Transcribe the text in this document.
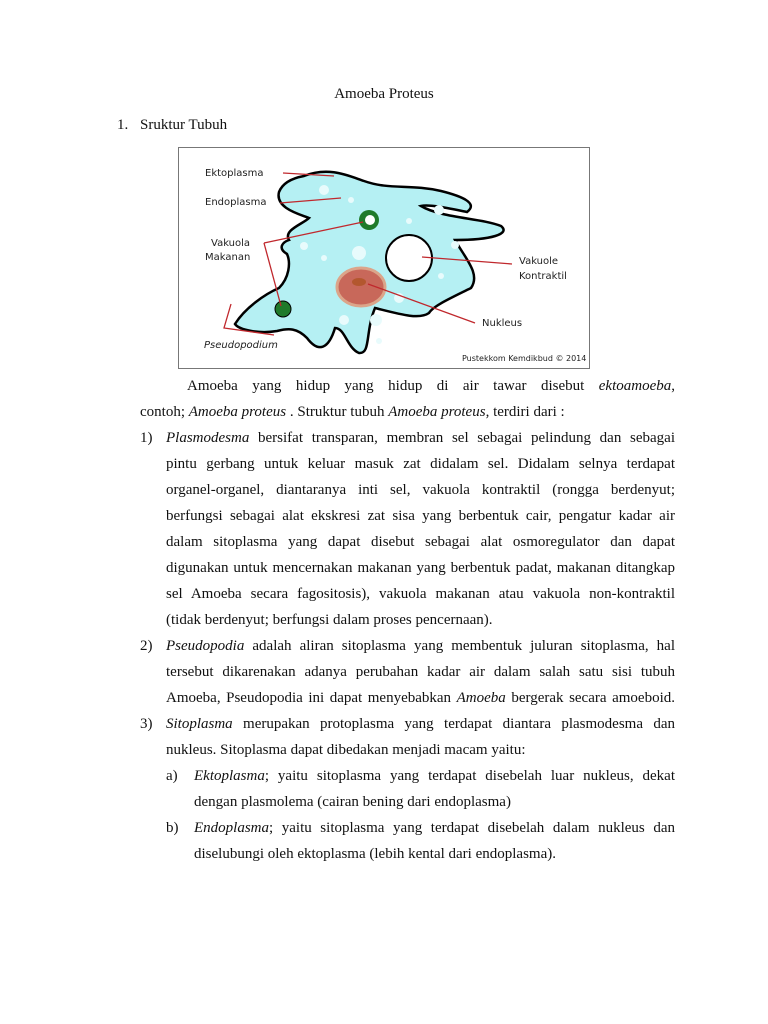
Amoeba Proteus
1. Sruktur Tubuh
Ektoplasma
Endoplasma
Vakuola
Makanan	Vakuole
Kontraktil
Nukleus
Pseudopodium
Pustekkom Kemdikbud © 2014
Amoeba yang hidup yang hidup di air tawar disebut ektoamoeba,
contoh; Amoeba proteus . Struktur tubuh Amoeba proteus, terdiri dari :
1) Plasmodesma bersifat transparan, membran sel sebagai pelindung dan sebagai
pintu gerbang untuk keluar masuk zat didalam sel. Didalam selnya terdapat
organel-organel, diantaranya inti sel, vakuola kontraktil (rongga berdenyut;
berfungsi sebagai alat ekskresi zat sisa yang berbentuk cair, pengatur kadar air
dalam sitoplasma yang dapat disebut sebagai alat osmoregulator dan dapat
digunakan untuk mencernakan makanan yang berbentuk padat, makanan ditangkap
sel Amoeba secara fagositosis), vakuola makanan atau vakuola non-kontraktil
(tidak berdenyut; berfungsi dalam proses pencernaan).
2) Pseudopodia adalah aliran sitoplasma yang membentuk juluran sitoplasma, hal
tersebut dikarenakan adanya perubahan kadar air dalam salah satu sisi tubuh
Amoeba, Pseudopodia ini dapat menyebabkan Amoeba bergerak secara amoeboid.
3) Sitoplasma merupakan protoplasma yang terdapat diantara plasmodesma dan
nukleus. Sitoplasma dapat dibedakan menjadi macam yaitu:
a) Ektoplasma; yaitu sitoplasma yang terdapat disebelah luar nukleus, dekat
dengan plasmolema (cairan bening dari endoplasma)
b) Endoplasma; yaitu sitoplasma yang terdapat disebelah dalam nukleus dan
diselubungi oleh ektoplasma (lebih kental dari endoplasma).
